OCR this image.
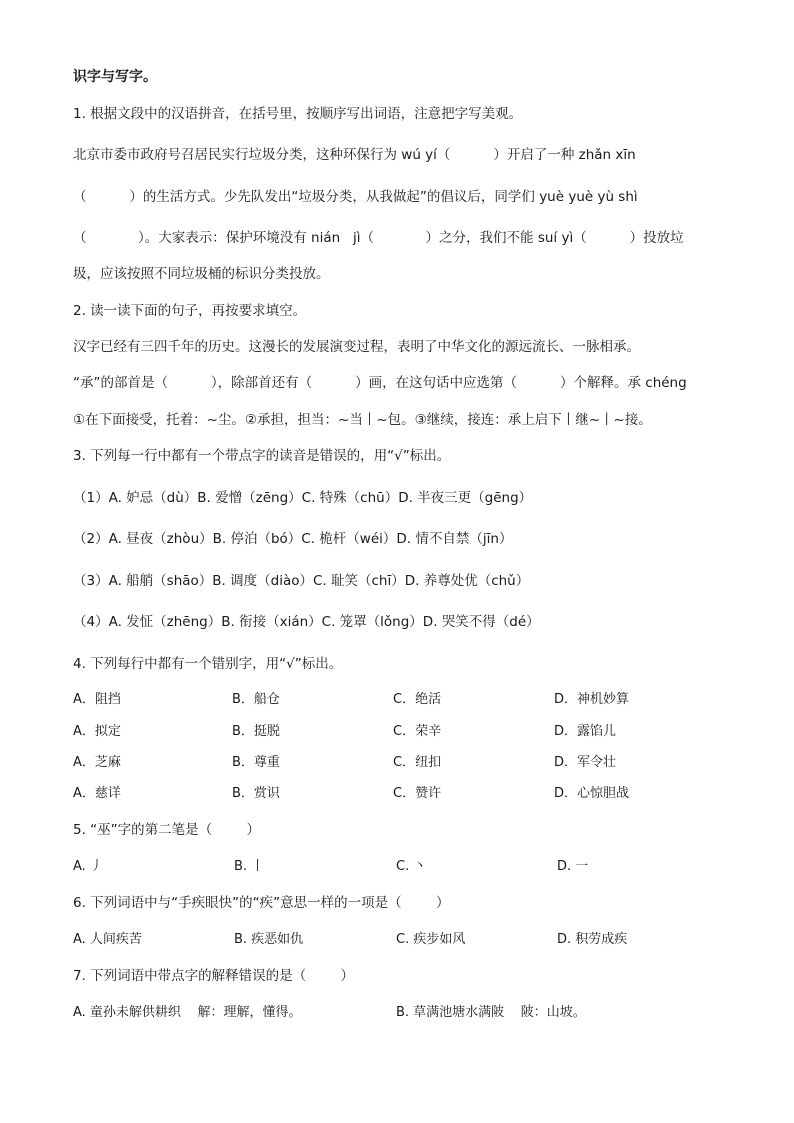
识字与写字。
1. 根据文段中的汉语拼音，在括号里，按顺序写出词语，注意把字写美观。
北京市委市政府号召居民实行垃圾分类，这种环保行为 wú yí（          ）开启了一种 zhǎn xīn
（          ）的生活方式。少先队发出“垃圾分类，从我做起”的倡议后，同学们 yuè yuè yù shì
（            ）。大家表示：保护环境没有 nián   jì（            ）之分，我们不能 suí yì（          ）投放垃
圾，应该按照不同垃圾桶的标识分类投放。
2. 读一读下面的句子，再按要求填空。
汉字已经有三四千年的历史。这漫长的发展演变过程，表明了中华文化的源远流长、一脉相承。
“承”的部首是（          ），除部首还有（          ）画，在这句话中应选第（          ）个解释。承 chéng
①在下面接受，托着：~尘。②承担，担当：~当丨~包。③继续，接连：承上启下丨继~丨~接。
3. 下列每一行中都有一个带点字的读音是错误的，用“√”标出。
（1）A. 妒忌（dù）B. 爱憎（zēng）C. 特殊（chū）D. 半夜三更（gēng）
（2）A. 昼夜（zhòu）B. 停泊（bó）C. 桅杆（wéi）D. 情不自禁（jīn）
（3）A. 船艄（shāo）B. 调度（diào）C. 耻笑（chī）D. 养尊处优（chǔ）
（4）A. 发怔（zhēng）B. 衔接（xián）C. 笼罩（lǒng）D. 哭笑不得（dé）
4. 下列每行中都有一个错别字，用“√”标出。
A．阻挡	B．船仓	C．绝活	D．神机妙算
A．拟定	B．挺脱	C．荣辛	D．露馅儿
A．芝麻	B．尊重	C．纽扣	D．军令壮
A．慈详	B．赏识	C．赞许	D．心惊胆战
5. “巫”字的第二笔是（        ）
A. 丿	B. 丨	C. 丶	D. 一
6. 下列词语中与“手疾眼快”的“疾”意思一样的一项是（        ）
A. 人间疾苦	B. 疾恶如仇	C. 疾步如风	D. 积劳成疾
7. 下列词语中带点字的解释错误的是（        ）
A. 童孙未解供耕织    解：理解，懂得。	B. 草满池塘水满陂    陂：山坡。
